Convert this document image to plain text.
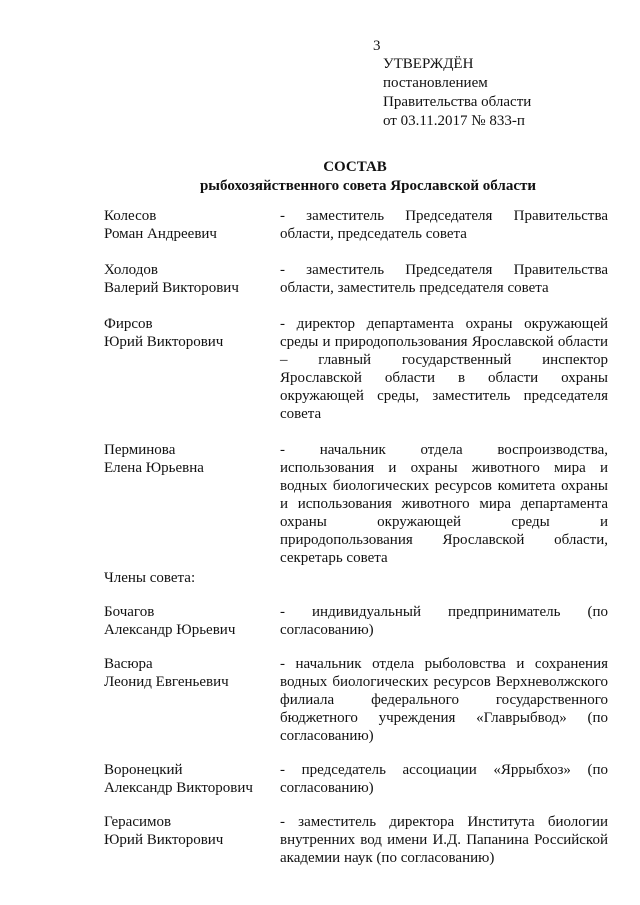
3
УТВЕРЖДЁН
постановлением
Правительства области
от 03.11.2017 № 833-п
СОСТАВ
рыбохозяйственного совета Ярославской области
Колесов
Роман Андреевич
- заместитель Председателя Правительства
области, председатель совета
Холодов
Валерий Викторович
- заместитель Председателя Правительства
области, заместитель председателя совета
Фирсов
Юрий Викторович
- директор департамента охраны окружающей
среды и природопользования Ярославской области
– главный государственный инспектор
Ярославской области в области охраны
окружающей среды, заместитель председателя
совета
Перминова
Елена Юрьевна
- начальник отдела воспроизводства,
использования и охраны животного мира и
водных биологических ресурсов комитета охраны
и использования животного мира департамента
охраны окружающей среды и
природопользования Ярославской области,
секретарь совета
Члены совета:
Бочагов
Александр Юрьевич
- индивидуальный предприниматель (по
согласованию)
Васюра
Леонид Евгеньевич
- начальник отдела рыболовства и сохранения
водных биологических ресурсов Верхневолжского
филиала федерального государственного
бюджетного учреждения «Главрыбвод» (по
согласованию)
Воронецкий
Александр Викторович
- председатель ассоциации «Яррыбхоз» (по
согласованию)
Герасимов
Юрий Викторович
- заместитель директора Института биологии
внутренних вод имени И.Д. Папанина Российской
академии наук (по согласованию)
